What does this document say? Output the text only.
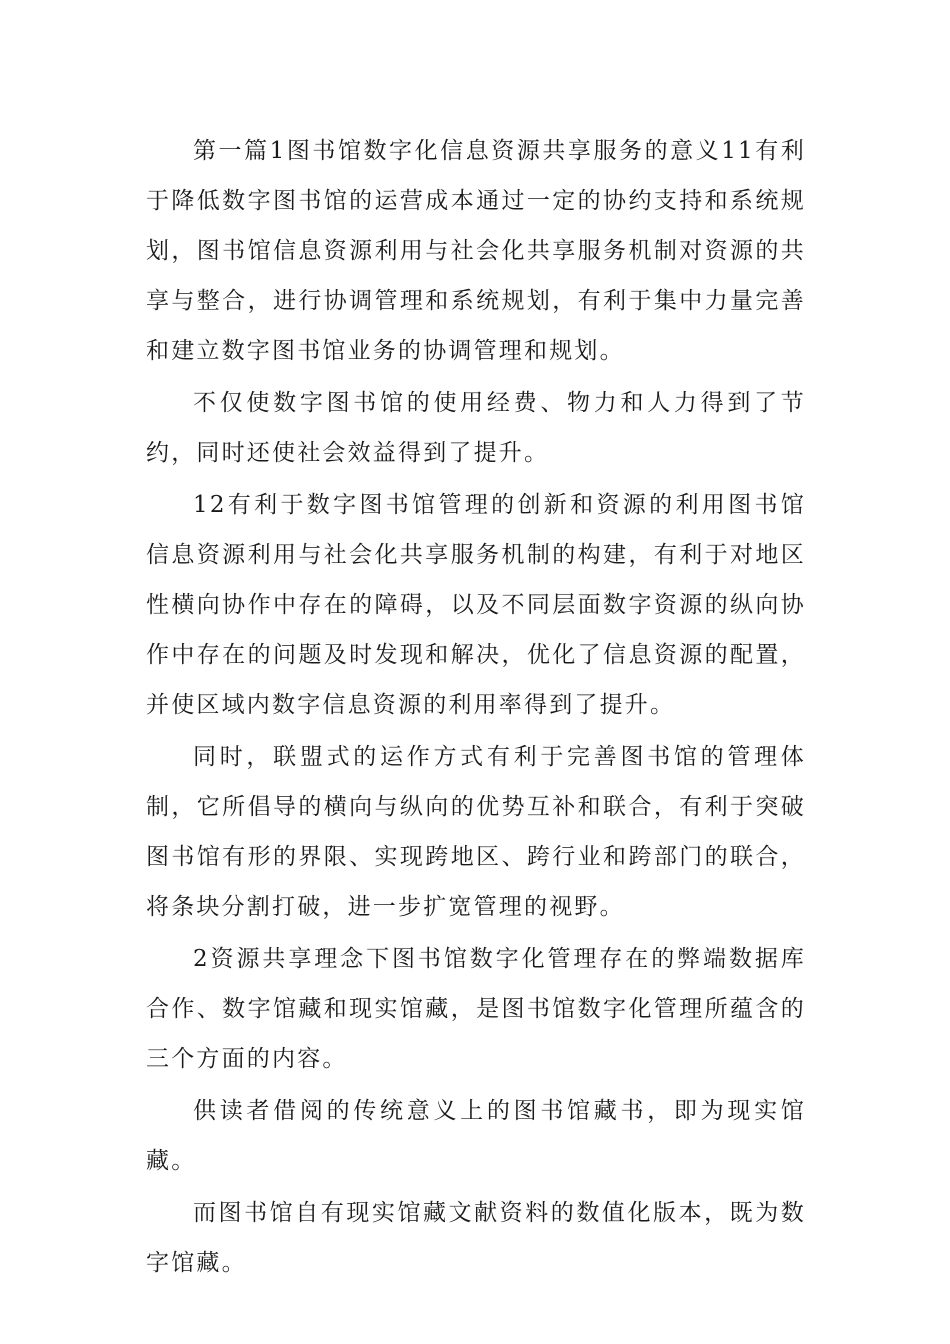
第一篇1图书馆数字化信息资源共享服务的意义11有利于降低数字图书馆的运营成本通过一定的协约支持和系统规划，图书馆信息资源利用与社会化共享服务机制对资源的共享与整合，进行协调管理和系统规划，有利于集中力量完善和建立数字图书馆业务的协调管理和规划。

不仅使数字图书馆的使用经费、物力和人力得到了节约，同时还使社会效益得到了提升。

12有利于数字图书馆管理的创新和资源的利用图书馆信息资源利用与社会化共享服务机制的构建，有利于对地区性横向协作中存在的障碍，以及不同层面数字资源的纵向协作中存在的问题及时发现和解决，优化了信息资源的配置，并使区域内数字信息资源的利用率得到了提升。

同时，联盟式的运作方式有利于完善图书馆的管理体制，它所倡导的横向与纵向的优势互补和联合，有利于突破图书馆有形的界限、实现跨地区、跨行业和跨部门的联合，将条块分割打破，进一步扩宽管理的视野。

2资源共享理念下图书馆数字化管理存在的弊端数据库合作、数字馆藏和现实馆藏，是图书馆数字化管理所蕴含的三个方面的内容。

供读者借阅的传统意义上的图书馆藏书，即为现实馆藏。

而图书馆自有现实馆藏文献资料的数值化版本，既为数字馆藏。
